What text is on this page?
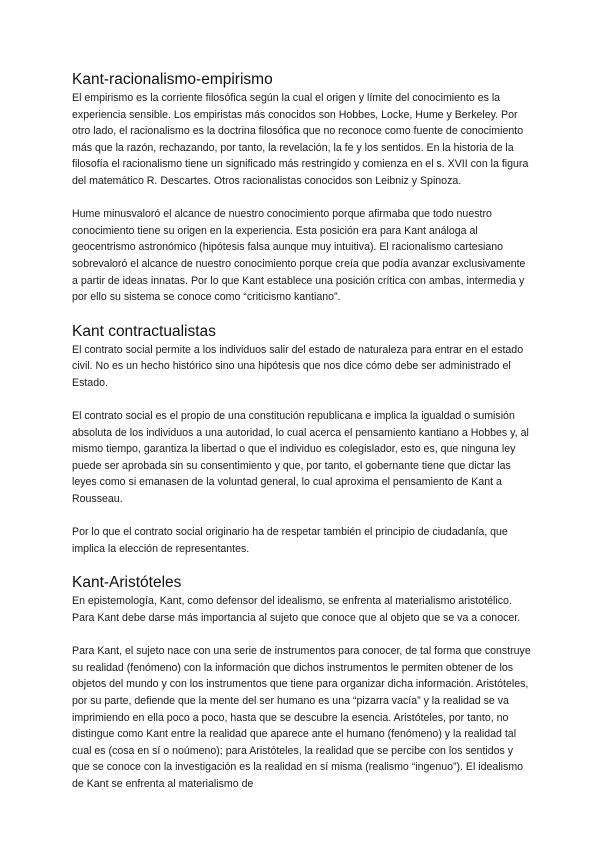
Kant-racionalismo-empirismo

El empirismo es la corriente filosófica según la cual el origen y límite del conocimiento es la experiencia sensible. Los empiristas más conocidos son Hobbes, Locke, Hume y Berkeley. Por otro lado, el racionalismo es la doctrina filosófica que no reconoce como fuente de conocimiento más que la razón, rechazando, por tanto, la revelación, la fe y los sentidos. En la historia de la filosofía el racionalismo tiene un significado más restringido y comienza en el s. XVII con la figura del matemático R. Descartes. Otros racionalistas conocidos son Leibniz y Spinoza.

Hume minusvaloró el alcance de nuestro conocimiento porque afirmaba que todo nuestro conocimiento tiene su origen en la experiencia. Esta posición era para Kant análoga al geocentrismo astronómico (hipótesis falsa aunque muy intuitiva). El racionalismo cartesiano sobrevaloró el alcance de nuestro conocimiento porque creía que podía avanzar exclusivamente a partir de ideas innatas. Por lo que Kant establece una posición crítica con ambas, intermedia y por ello su sistema se conoce como “criticismo kantiano”.

Kant contractualistas

El contrato social permite a los individuos salir del estado de naturaleza para entrar en el estado civil. No es un hecho histórico sino una hipótesis que nos dice cómo debe ser administrado el Estado.

El contrato social es el propio de una constitución republicana e implica la igualdad o sumisión absoluta de los individuos a una autoridad, lo cual acerca el pensamiento kantiano a Hobbes y, al mismo tiempo, garantiza la libertad o que el individuo es colegislador, esto es, que ninguna ley puede ser aprobada sin su consentimiento y que, por tanto, el gobernante tiene que dictar las leyes como si emanasen de la voluntad general, lo cual aproxima el pensamiento de Kant a Rousseau.

Por lo que el contrato social originario ha de respetar también el principio de ciudadanía, que implica la elección de representantes.

Kant-Aristóteles

En epistemología, Kant, como defensor del idealismo, se enfrenta al materialismo aristotélico. Para Kant debe darse más importancia al sujeto que conoce que al objeto que se va a conocer.

Para Kant, el sujeto nace con una serie de instrumentos para conocer, de tal forma que construye su realidad (fenómeno) con la información que dichos instrumentos le permiten obtener de los objetos del mundo y con los instrumentos que tiene para organizar dicha información. Aristóteles, por su parte, defiende que la mente del ser humano es una “pizarra vacía” y la realidad se va imprimiendo en ella poco a poco, hasta que se descubre la esencia. Aristóteles, por tanto, no distingue como Kant entre la realidad que aparece ante el humano (fenómeno) y la realidad tal cual es (cosa en sí o noúmeno); para Aristóteles, la realidad que se percibe con los sentidos y que se conoce con la investigación es la realidad en sí misma (realismo “ingenuo”). El idealismo de Kant se enfrenta al materialismo de
